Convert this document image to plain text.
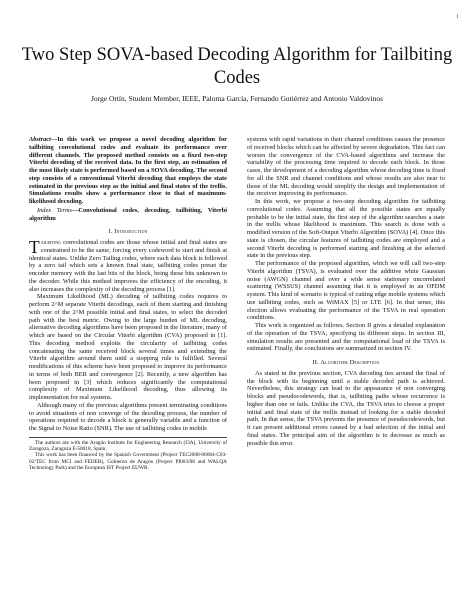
1
Two Step SOVA-based Decoding Algorithm for Tailbiting Codes
Jorge Ortín, Student Member, IEEE, Paloma García, Fernando Gutiérrez and Antonio Valdovinos

Abstract—In this work we propose a novel decoding algorithm for tailbiting convolutional codes and evaluate its performance over different channels. The proposed method consists on a fixed two-step Viterbi decoding of the received data. In the first step, an estimation of the most likely state is performed based on a SOVA decoding. The second step consists of a conventional Viterbi decoding that employs the state estimated in the previous step as the initial and final states of the trellis. Simulations results show a performance close to that of maximum-likelihood decoding.

Index Terms—Convolutional codes, decoding, tailbiting, Viterbi algorithm

I. Introduction
T ailbiting convolutional codes are those whose initial and final states are constrained to be the same, forcing every codeword to start and finish at identical states. Unlike Zero Tailing codes, where each data block is followed by a zero tail which sets a known final state, tailbiting codes preset the encoder memory with the last bits of the block, being these bits unknown to the decoder. While this method improves the efficiency of the encoding, it also increases the complexity of the decoding process [1].

Maximum Likelihood (ML) decoding of tailbiting codes requires to perform 2^M separate Viterbi decodings, each of them starting and finishing with one of the 2^M possible initial and final states, to select the decoded path with the best metric. Owing to the large burden of ML decoding, alternative decoding algorithms have been proposed in the literature, many of which are based on the Circular Viterbi algorithm (CVA) proposed in [1]. This decoding method exploits the circularity of tailbiting codes concatenating the same received block several times and extending the Viterbi algorithm around them until a stopping rule is fulfilled. Several modifications of this scheme have been proposed to improve its performance in terms of both BER and convergence [2]. Recently, a new algorithm has been proposed in [3] which reduces significantly the computational complexity of Maximum Likelihood decoding, thus allowing its implementation for real systems.

Although many of the previous algorithms present terminating conditions to avoid situations of non converge of the decoding process, the number of operations required to decode a block is generally variable and a function of the Signal to Noise Ratio (SNR). The use of tailbiting codes in mobile

The authors are with the Aragón Institute for Engineering Research (I3A), University of Zaragoza, Zaragoza E-50018, Spain.

This work has been financed by the Spanish Government (Project TEC2008-06684-C03-02/TEC from MCI and FEDER), Gobierno de Aragón (Project PI003/08 and WALQA Technology Park) and the European IST Project EUWB.

systems with rapid variations in their channel conditions causes the presence of received blocks which can be affected by severe degradation. This fact can worsen the convergence of the CVA-based algorithms and increase the variability of the processing time required to decode each block. In those cases, the development of a decoding algorithm whose decoding time is fixed for all the SNR and channel conditions and whose results are also near to those of the ML decoding would simplify the design and implementation of the receiver improving its performance.

In this work, we propose a two-step decoding algorithm for tailbiting convolutional codes. Assuming that all the possible states are equally probable to be the initial state, the first step of the algorithm searches a state in the trellis whose likelihood is maximum. This search is done with a modified version of the Soft-Output Viterbi Algorithm (SOVA) [4]. Once this state is chosen, the circular features of tailbiting codes are employed and a second Viterbi decoding is performed starting and finishing at the selected state in the previous step.

The performance of the proposed algorithm, which we will call two-step Viterbi algorithm (TSVA), is evaluated over the additive white Gaussian noise (AWGN) channel and over a wide sense stationary uncorrelated scattering (WSSUS) channel assuming that it is employed in an OFDM system. This kind of scenario is typical of cutting edge mobile systems which use tailbiting codes, such as WiMAX [5] or LTE [6]. In that sense, this election allows evaluating the performance of the TSVA in real operation conditions.

This work is organized as follows. Section II gives a detailed explanation of the operation of the TSVA, specifying its different steps. In section III, simulation results are presented and the computational load of the TSVA is estimated. Finally, the conclusions are summarized in section IV.

II. Algorithm Description

As stated in the previous section, CVA decoding ties around the final of the block with its beginning until a stable decoded path is achieved. Nevertheless, this strategy can lead to the appearance of non converging blocks and pseudocodewords, that is, tailbiting paths whose recurrence is higher than one or fails. Unlike the CVA, the TSVA tries to choose a proper initial and final state of the trellis instead of looking for a stable decoded path. In that sense, the TSVA prevents the presence of pseudocodewords, but it can present additional errors caused by a bad selection of the initial and final states. The principal aim of the algorithm is to decrease as much as possible this error.
